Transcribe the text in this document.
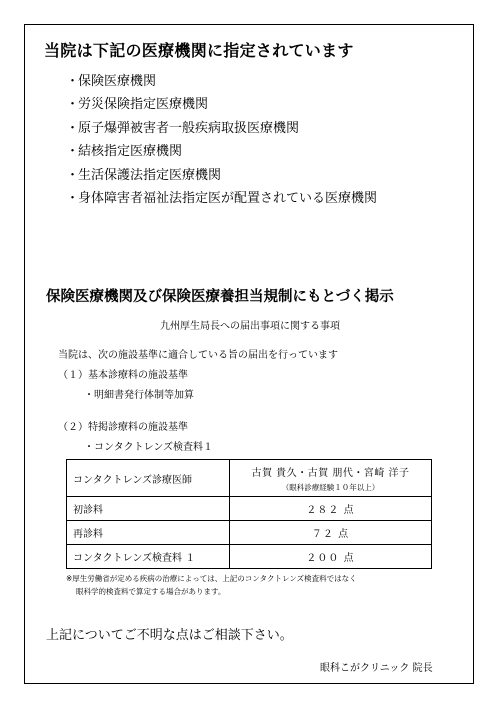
当院は下記の医療機関に指定されています
・保険医療機関
・労災保険指定医療機関
・原子爆弾被害者一般疾病取扱医療機関
・結核指定医療機関
・生活保護法指定医療機関
・身体障害者福祉法指定医が配置されている医療機関
保険医療機関及び保険医療養担当規制にもとづく掲示
九州厚生局長への届出事項に関する事項
当院は、次の施設基準に適合している旨の届出を行っています
（１）基本診療料の施設基準
・明細書発行体制等加算
（２）特掲診療料の施設基準
・コンタクトレンズ検査料１
コンタクトレンズ診療医師	古賀 貴久・古賀 朋代・宮崎 洋子
（眼科診療経験１０年以上）

初診料	２８２ 点
再診料	７２ 点
コンタクトレンズ検査料 １	２００ 点
※厚生労働省が定める疾病の治療によっては、上記のコンタクトレンズ検査料ではなく
眼科学的検査料で算定する場合があります。
上記についてご不明な点はご相談下さい。
眼科こがクリニック 院長
